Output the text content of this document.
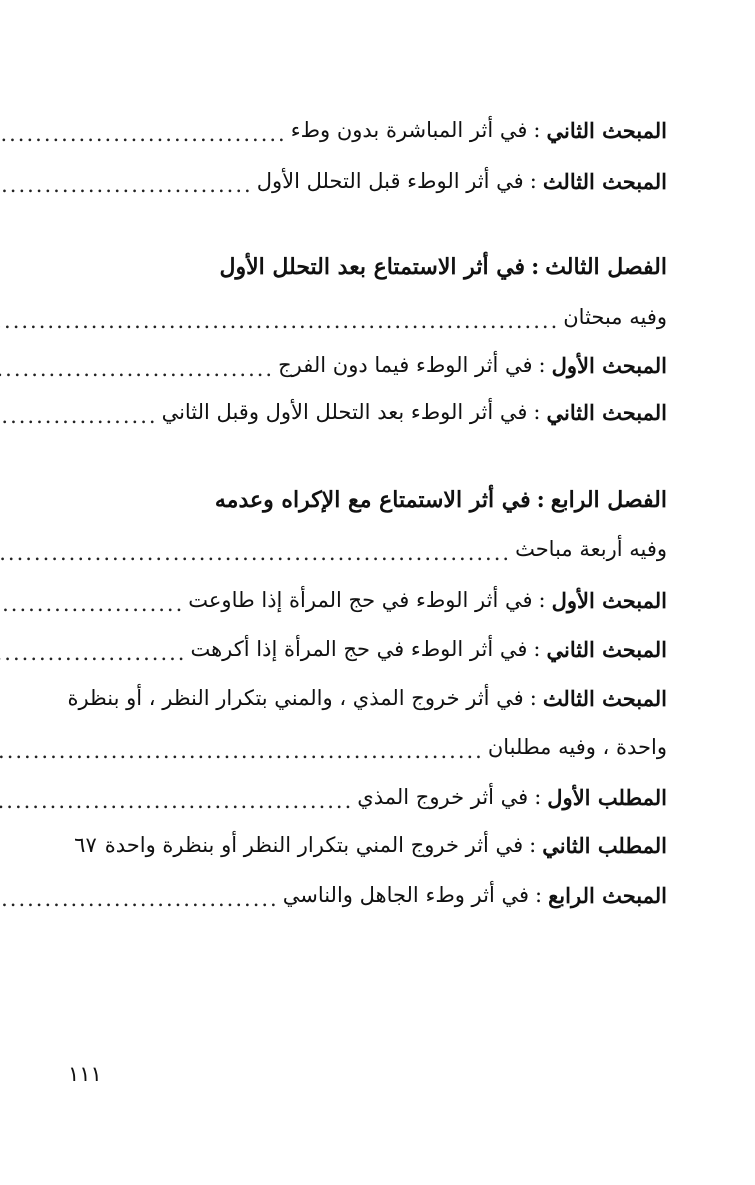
المبحث الثاني
:
في أثر المباشرة بدون وطء
.....
المبحث الثالث
:
في أثر الوطء قبل التحلل الأول
.....
الفصل الثالث
:
في أثر الاستمتاع بعد التحلل الأول
وفيه مبحثان
.....
المبحث الأول
:
في أثر الوطء فيما دون الفرج
.....
المبحث الثاني
:
في أثر الوطء بعد التحلل الأول وقبل الثاني
.....
الفصل الرابع
:
في أثر الاستمتاع مع الإكراه وعدمه
وفيه أربعة مباحث
.....
المبحث الأول
:
في أثر الوطء في حج المرأة إذا طاوعت
.....
المبحث الثاني
:
في أثر الوطء في حج المرأة إذا أكرهت
.....
المبحث الثالث
:
في أثر خروج المذي ، والمني بتكرار النظر ، أو بنظرة
واحدة ، وفيه مطلبان
.....
المطلب الأول
:
في أثر خروج المذي
.....
المطلب الثاني
:
في أثر خروج المني بتكرار النظر أو بنظرة واحدة
٦٧
المبحث الرابع
:
في أثر وطء الجاهل والناسي
.....
١١١
